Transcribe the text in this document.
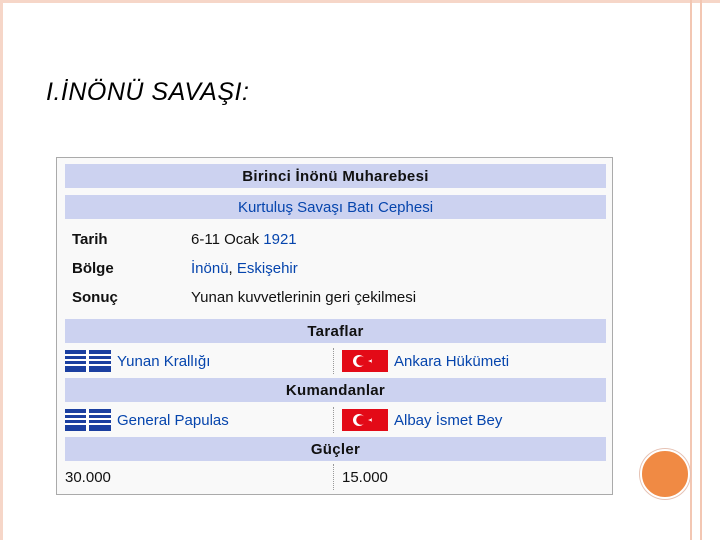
I.İNÖNÜ SAVAŞI:
Birinci İnönü Muharebesi
Kurtuluş Savaşı Batı Cephesi
Tarih	6-11 Ocak 1921
Bölge	İnönü, Eskişehir
Sonuç	Yunan kuvvetlerinin geri çekilmesi
Taraflar
Yunan Krallığı	Ankara Hükümeti
Kumandanlar
General Papulas	Albay İsmet Bey
Güçler
30.000	15.000
